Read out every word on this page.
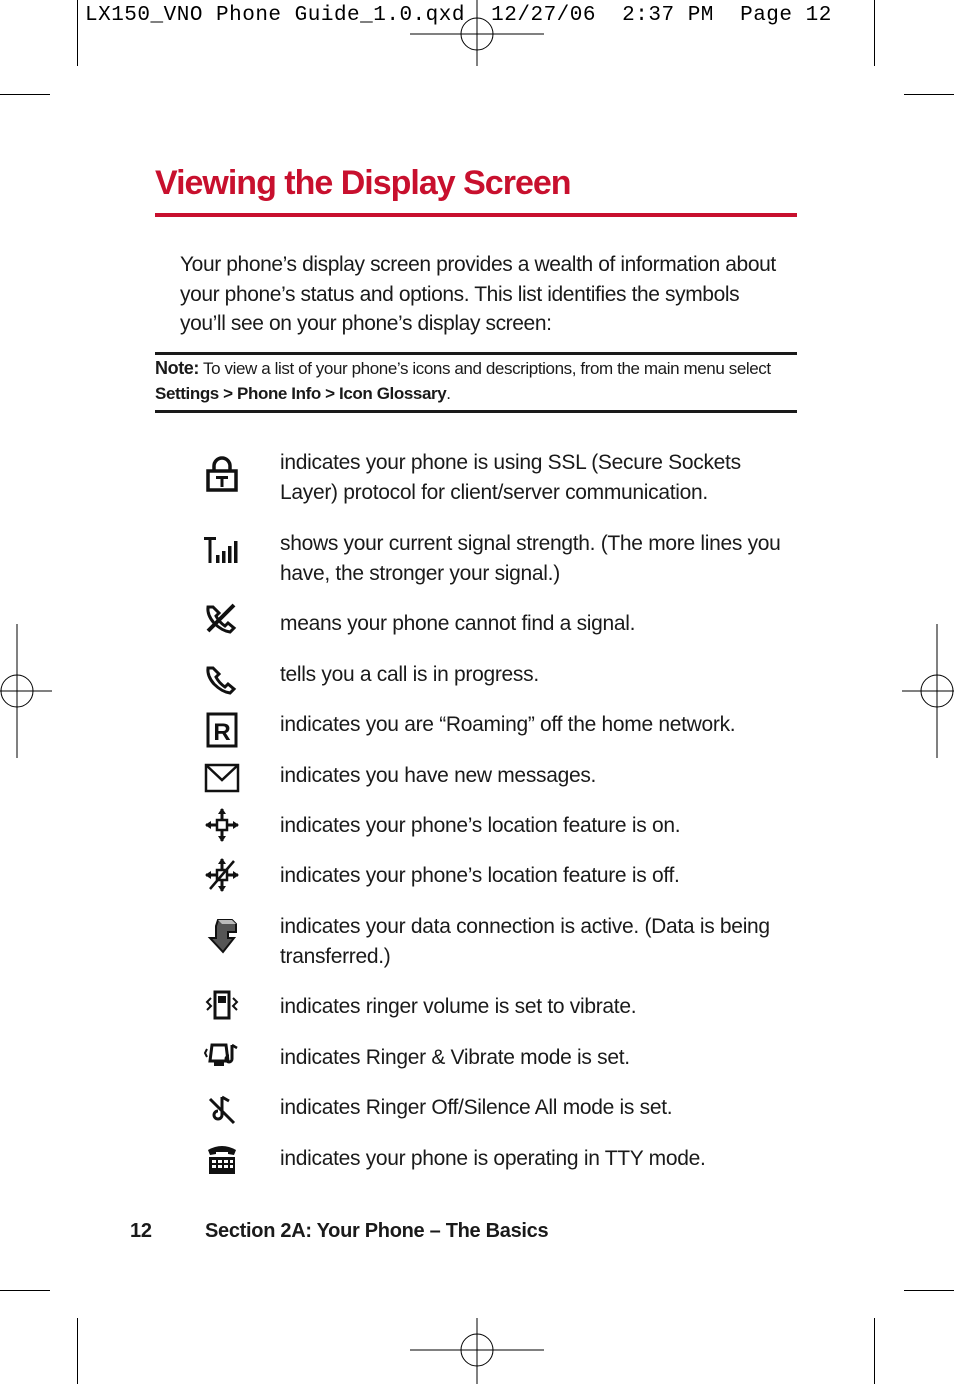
LX150_VNO Phone Guide_1.0.qxd  12/27/06  2:37 PM  Page 12
Viewing the Display Screen
Your phone’s display screen provides a wealth of information about your phone’s status and options. This list identifies the symbols you’ll see on your phone’s display screen:
Note: To view a list of your phone’s icons and descriptions, from the main menu select Settings > Phone Info > Icon Glossary.
indicates your phone is using SSL (Secure Sockets Layer) protocol for client/server communication.
shows your current signal strength. (The more lines you have, the stronger your signal.)
means your phone cannot find a signal.
tells you a call is in progress.
R indicates you are “Roaming” off the home network.
indicates you have new messages.
indicates your phone’s location feature is on.
indicates your phone’s location feature is off.
indicates your data connection is active. (Data is being transferred.)
indicates ringer volume is set to vibrate.
indicates Ringer & Vibrate mode is set.
indicates Ringer Off/Silence All mode is set.
indicates your phone is operating in TTY mode.
12	Section 2A: Your Phone – The Basics
